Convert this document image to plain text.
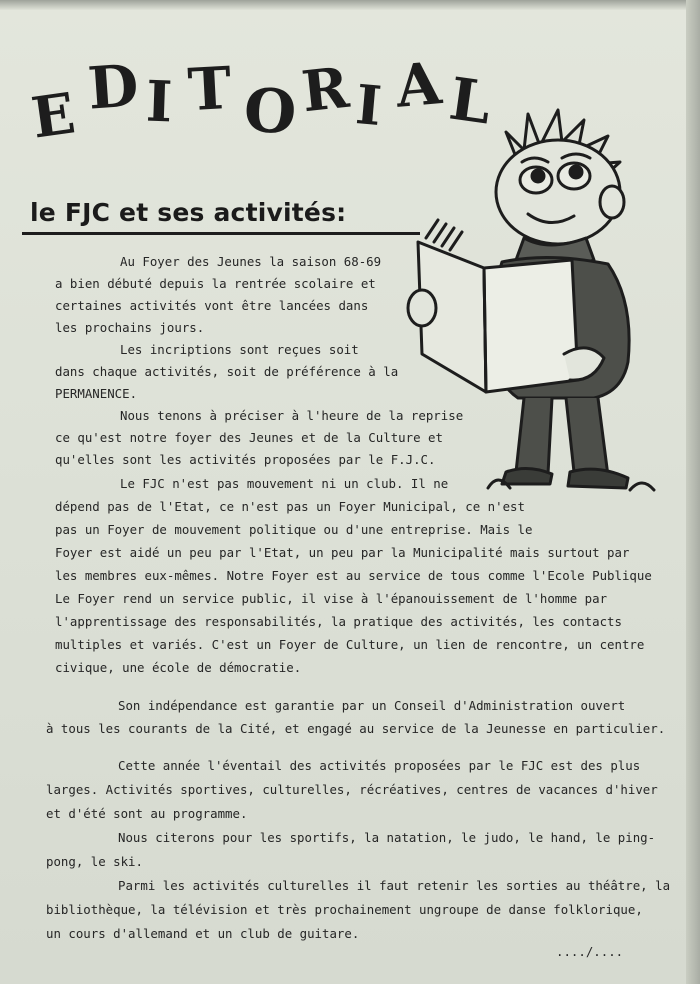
E D I T O R I A L
le FJC et ses activités:
Au Foyer des Jeunes la saison 68-69
a bien débuté depuis la rentrée scolaire et
certaines activités vont être lancées dans
les prochains jours.
Les incriptions sont reçues soit
dans chaque activités, soit de préférence à la
PERMANENCE.
Nous tenons à préciser à l'heure de la reprise
ce qu'est notre foyer des Jeunes et de la Culture et
qu'elles sont les activités proposées par le F.J.C.
Le FJC n'est pas mouvement ni un club. Il ne
dépend pas de l'Etat, ce n'est pas un Foyer Municipal, ce n'est
pas un Foyer de mouvement politique ou d'une entreprise. Mais le
Foyer est aidé un peu par l'Etat, un peu par la Municipalité mais surtout par
les membres eux-mêmes. Notre Foyer est au service de tous comme l'Ecole Publique
Le Foyer rend un service public, il vise à l'épanouissement de l'homme par
l'apprentissage des responsabilités, la pratique des activités, les contacts
multiples et variés. C'est un Foyer de Culture, un lien de rencontre, un centre
civique, une école de démocratie.
Son indépendance est garantie par un Conseil d'Administration ouvert
à tous les courants de la Cité, et engagé au service de la Jeunesse en particulier.
Cette année l'éventail des activités proposées par le FJC est des plus
larges. Activités sportives, culturelles, récréatives, centres de vacances d'hiver
et d'été sont au programme.
Nous citerons pour les sportifs, la natation, le judo, le hand, le ping-
pong, le ski.
Parmi les activités culturelles il faut retenir les sorties au théâtre, la
bibliothèque, la télévision et très prochainement ungroupe de danse folklorique,
un cours d'allemand et un club de guitare.
..../....
